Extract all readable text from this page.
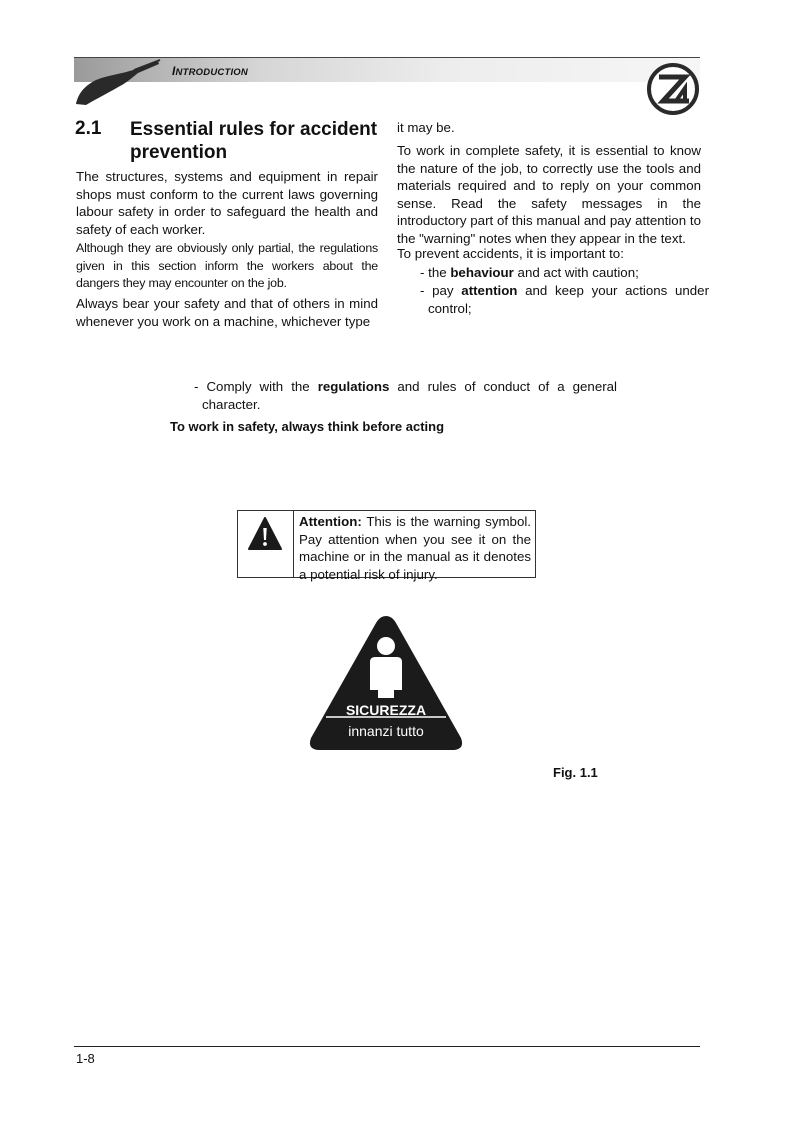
INTRODUCTION
2.1 Essential rules for accident prevention

The structures, systems and equipment in repair shops must conform to the current laws governing labour safety in order to safeguard the health and safety of each worker.

Although they are obviously only partial, the regulations given in this section inform the workers about the dangers they may encounter on the job.

Always bear your safety and that of others in mind whenever you work on a machine, whichever type

it may be.

To work in complete safety, it is essential to know the nature of the job, to correctly use the tools and materials required and to reply on your common sense. Read the safety messages in the introductory part of this manual and pay attention to the "warning" notes when they appear in the text.

To prevent accidents, it is important to:

- the behaviour and act with caution;

- pay attention and keep your actions under control;

- Comply with the regulations and rules of conduct of a general character.

To work in safety, always think before acting
Attention: This is the warning symbol. Pay attention when you see it on the machine or in the manual as it denotes a potential risk of injury.
SICUREZZA
innanzi tutto
Fig. 1.1
1-8
